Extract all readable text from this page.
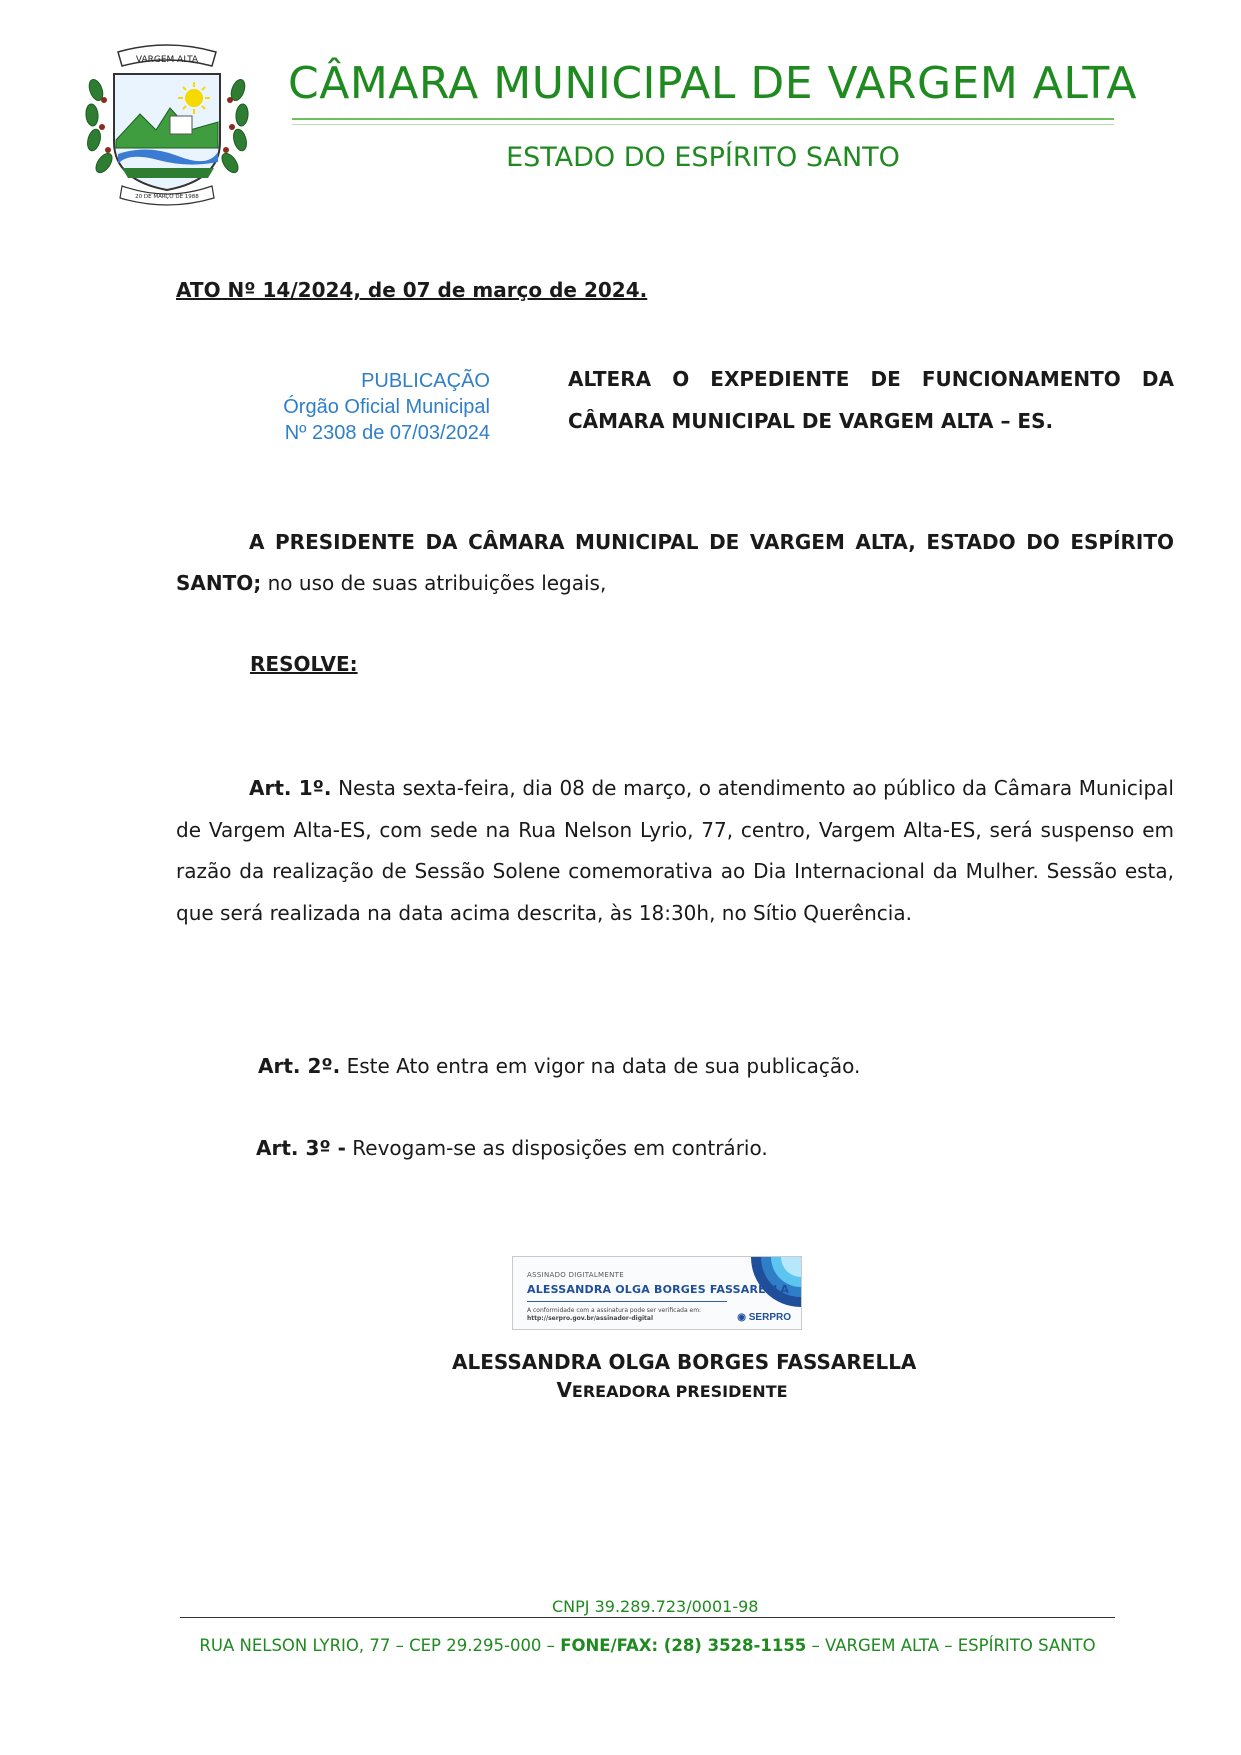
VARGEM ALTA
20 DE MARÇO DE 1988
CÂMARA MUNICIPAL DE VARGEM ALTA
ESTADO DO ESPÍRITO SANTO
ATO Nº 14/2024, de 07 de março de 2024.
PUBLICAÇÃO
Órgão Oficial Municipal
Nº 2308 de 07/03/2024
ALTERA O EXPEDIENTE DE FUNCIONAMENTO DA
CÂMARA MUNICIPAL DE VARGEM ALTA – ES.
A PRESIDENTE DA CÂMARA MUNICIPAL DE VARGEM ALTA, ESTADO DO ESPÍRITO SANTO; no uso de suas atribuições legais,
RESOLVE:
Art. 1º. Nesta sexta-feira, dia 08 de março, o atendimento ao público da Câmara Municipal de Vargem Alta-ES, com sede na Rua Nelson Lyrio, 77, centro, Vargem Alta-ES, será suspenso em razão da realização de Sessão Solene comemorativa ao Dia Internacional da Mulher. Sessão esta, que será realizada na data acima descrita, às 18:30h, no Sítio Querência.
Art. 2º. Este Ato entra em vigor na data de sua publicação.
Art. 3º - Revogam-se as disposições em contrário.
ASSINADO DIGITALMENTE
ALESSANDRA OLGA BORGES FASSARELLA
A conformidade com a assinatura pode ser verificada em:
http://serpro.gov.br/assinador-digital	◉ SERPRO
ALESSANDRA OLGA BORGES FASSARELLA
VEREADORA PRESIDENTE
CNPJ 39.289.723/0001-98
RUA NELSON LYRIO, 77 – CEP 29.295-000 – FONE/FAX: (28) 3528-1155 – VARGEM ALTA – ESPÍRITO SANTO
